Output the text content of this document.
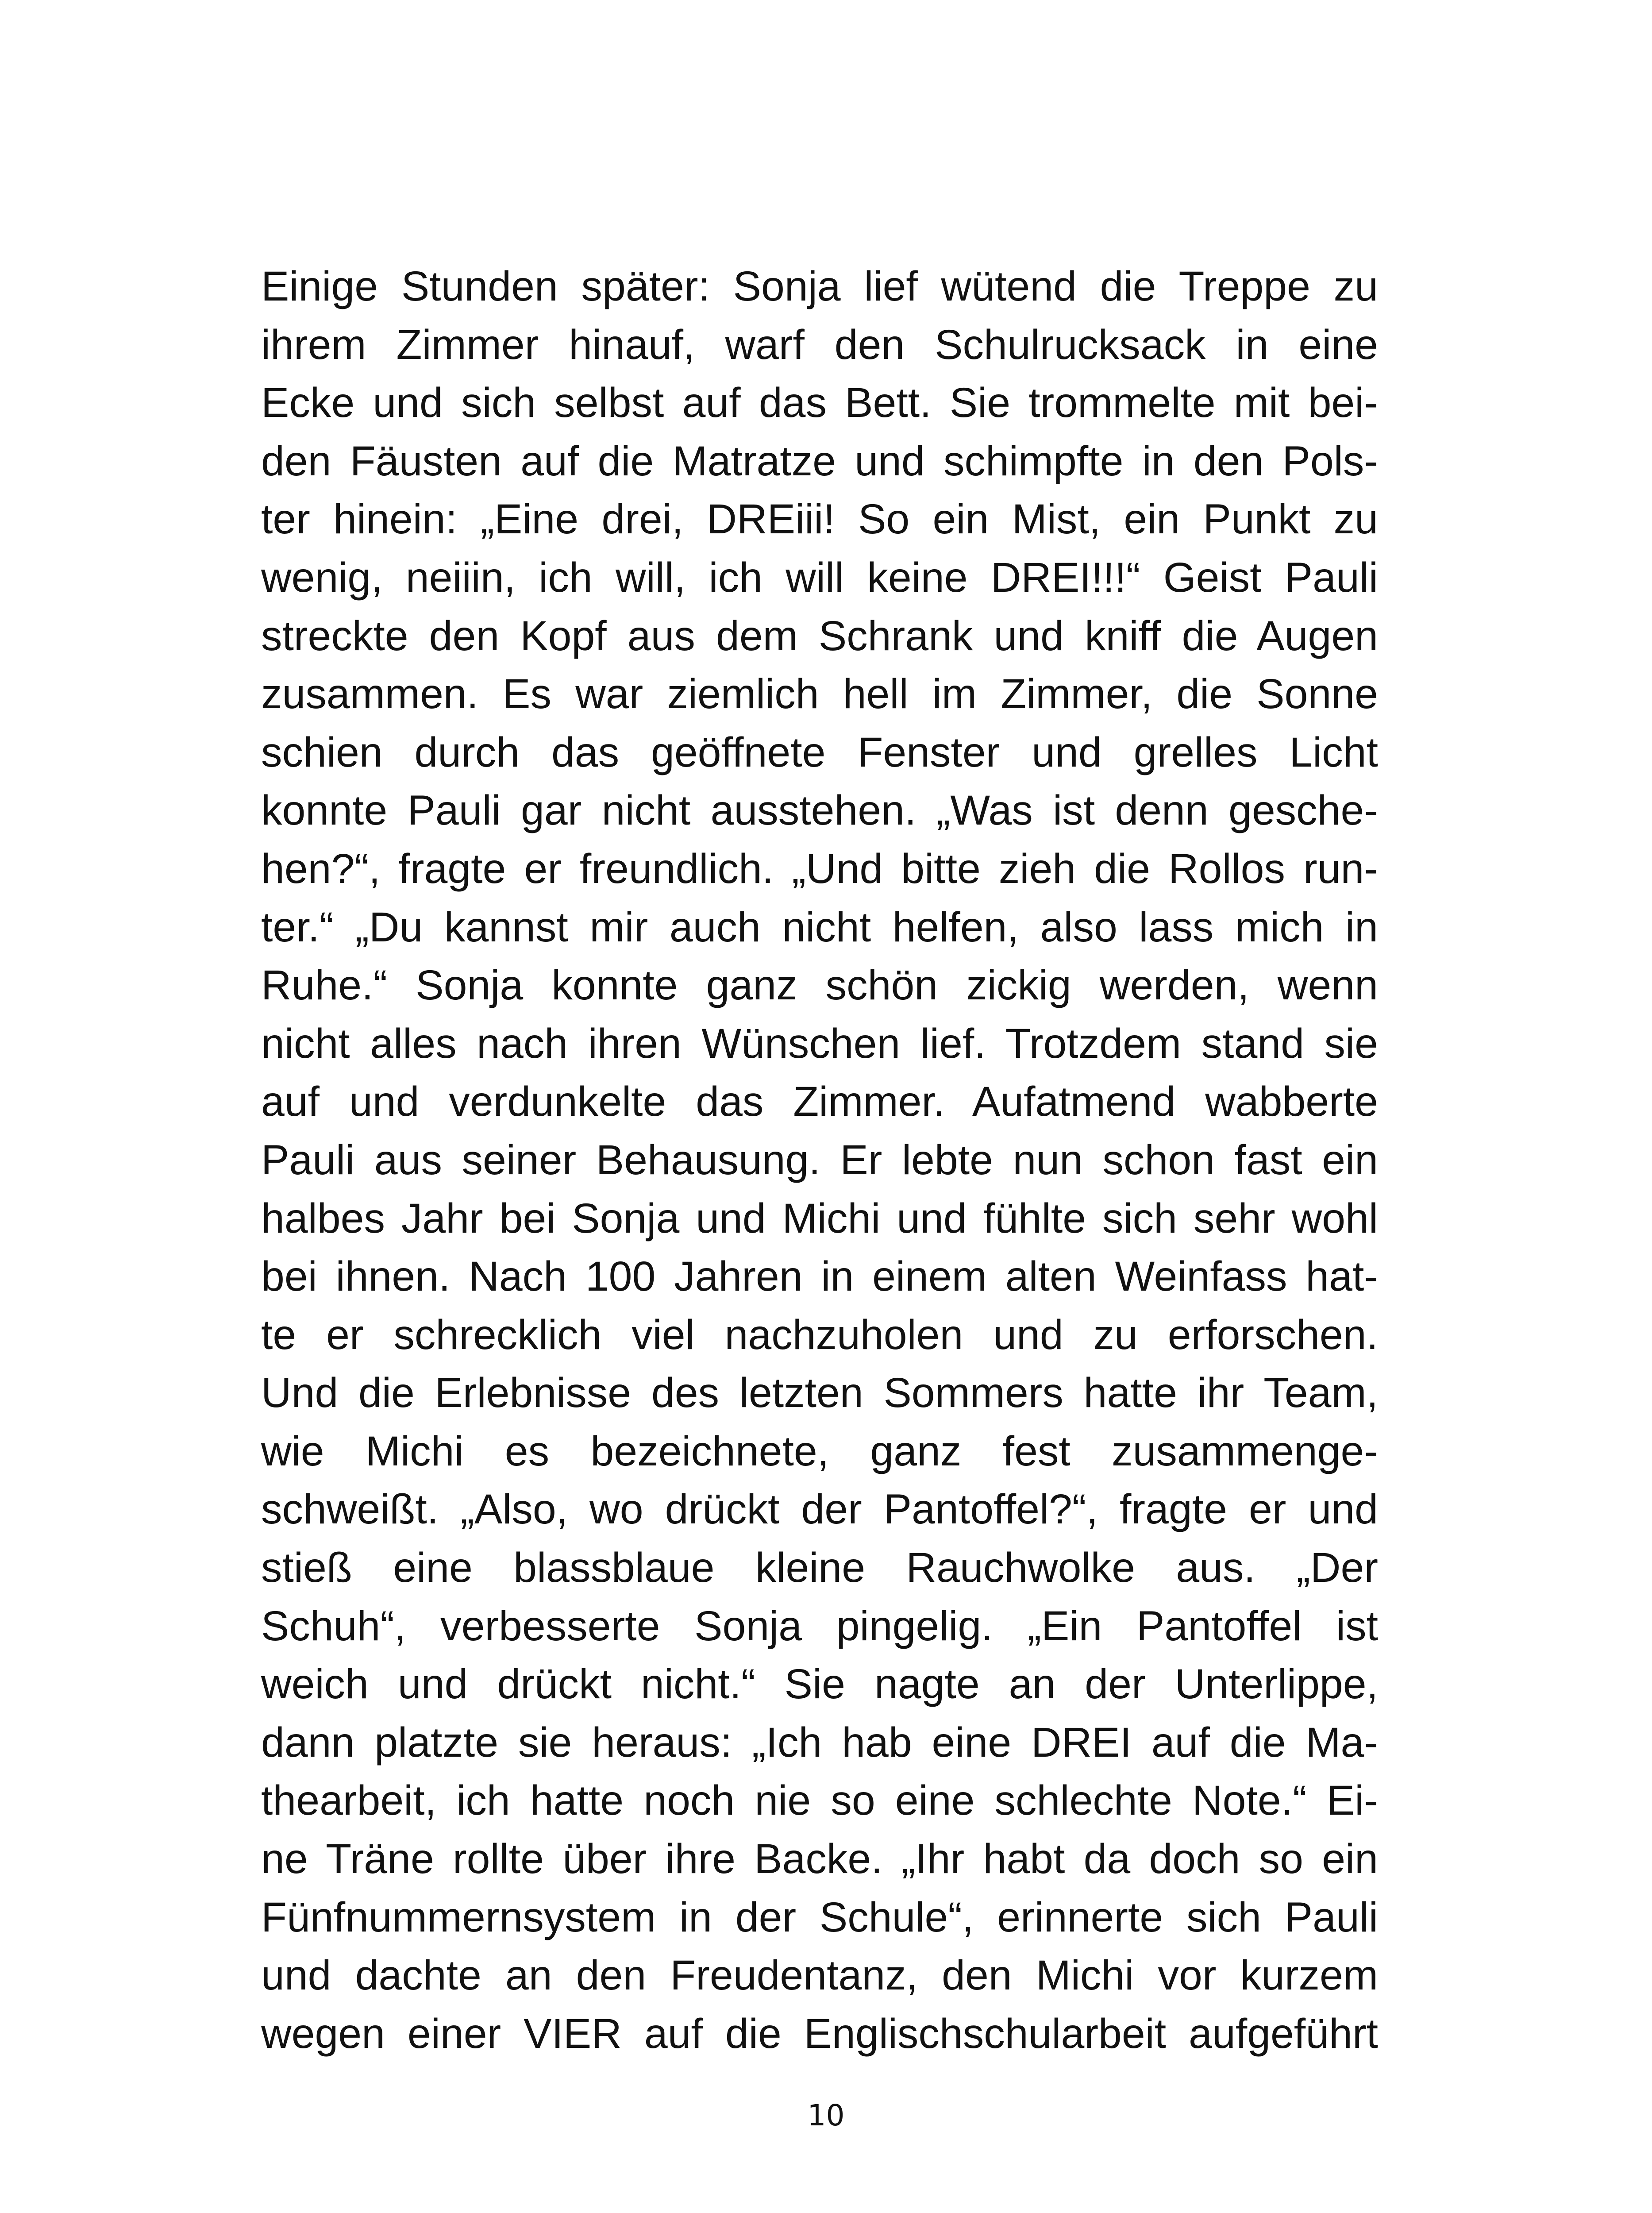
Einige Stunden später: Sonja lief wütend die Treppe zu
ihrem Zimmer hinauf, warf den Schulrucksack in eine
Ecke und sich selbst auf das Bett. Sie trommelte mit bei-
den Fäusten auf die Matratze und schimpfte in den Pols-
ter hinein: „Eine drei, DREiii! So ein Mist, ein Punkt zu
wenig, neiiin, ich will, ich will keine DREI!!!“ Geist Pauli
streckte den Kopf aus dem Schrank und kniff die Augen
zusammen. Es war ziemlich hell im Zimmer, die Sonne
schien durch das geöffnete Fenster und grelles Licht
konnte Pauli gar nicht ausstehen. „Was ist denn gesche-
hen?“, fragte er freundlich. „Und bitte zieh die Rollos run-
ter.“ „Du kannst mir auch nicht helfen, also lass mich in
Ruhe.“ Sonja konnte ganz schön zickig werden, wenn
nicht alles nach ihren Wünschen lief. Trotzdem stand sie
auf und verdunkelte das Zimmer. Aufatmend wabberte
Pauli aus seiner Behausung. Er lebte nun schon fast ein
halbes Jahr bei Sonja und Michi und fühlte sich sehr wohl
bei ihnen. Nach 100 Jahren in einem alten Weinfass hat-
te er schrecklich viel nachzuholen und zu erforschen.
Und die Erlebnisse des letzten Sommers hatte ihr Team,
wie Michi es bezeichnete, ganz fest zusammenge-
schweißt. „Also, wo drückt der Pantoffel?“, fragte er und
stieß eine blassblaue kleine Rauchwolke aus. „Der
Schuh“, verbesserte Sonja pingelig. „Ein Pantoffel ist
weich und drückt nicht.“ Sie nagte an der Unterlippe,
dann platzte sie heraus: „Ich hab eine DREI auf die Ma-
thearbeit, ich hatte noch nie so eine schlechte Note.“ Ei-
ne Träne rollte über ihre Backe. „Ihr habt da doch so ein
Fünfnummernsystem in der Schule“, erinnerte sich Pauli
und dachte an den Freudentanz, den Michi vor kurzem
wegen einer VIER auf die Englischschularbeit aufgeführt
10
